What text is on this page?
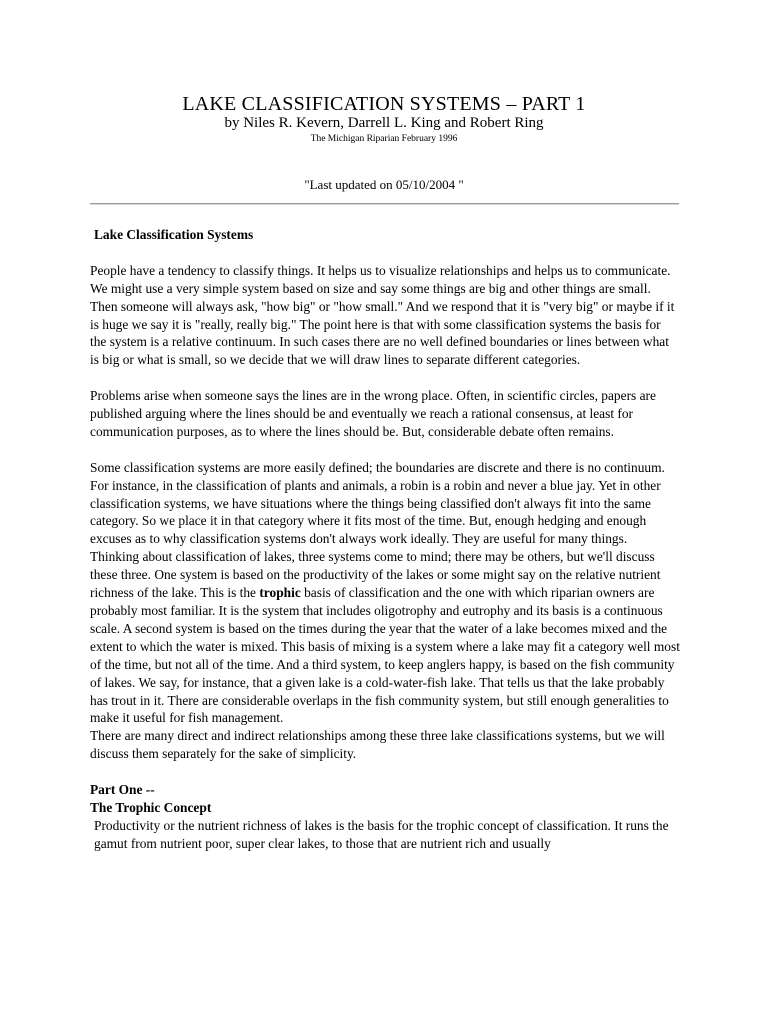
LAKE CLASSIFICATION SYSTEMS – PART 1
by Niles R. Kevern, Darrell L. King and Robert Ring
The Michigan Riparian February 1996
"Last updated on 05/10/2004 "

Lake Classification Systems

People have a tendency to classify things. It helps us to visualize relationships and helps us to communicate. We might use a very simple system based on size and say some things are big and other things are small. Then someone will always ask, "how big" or "how small." And we respond that it is "very big" or maybe if it is huge we say it is "really, really big." The point here is that with some classification systems the basis for the system is a relative continuum. In such cases there are no well defined boundaries or lines between what is big or what is small, so we decide that we will draw lines to separate different categories.

Problems arise when someone says the lines are in the wrong place. Often, in scientific circles, papers are published arguing where the lines should be and eventually we reach a rational consensus, at least for communication purposes, as to where the lines should be. But, considerable debate often remains.

Some classification systems are more easily defined; the boundaries are discrete and there is no continuum. For instance, in the classification of plants and animals, a robin is a robin and never a blue jay. Yet in other classification systems, we have situations where the things being classified don't always fit into the same category. So we place it in that category where it fits most of the time. But, enough hedging and enough excuses as to why classification systems don't always work ideally. They are useful for many things.

Thinking about classification of lakes, three systems come to mind; there may be others, but we'll discuss these three. One system is based on the productivity of the lakes or some might say on the relative nutrient richness of the lake. This is the trophic basis of classification and the one with which riparian owners are probably most familiar. It is the system that includes oligotrophy and eutrophy and its basis is a continuous scale. A second system is based on the times during the year that the water of a lake becomes mixed and the extent to which the water is mixed. This basis of mixing is a system where a lake may fit a category well most of the time, but not all of the time. And a third system, to keep anglers happy, is based on the fish community of lakes. We say, for instance, that a given lake is a cold-water-fish lake. That tells us that the lake probably has trout in it. There are considerable overlaps in the fish community system, but still enough generalities to make it useful for fish management.

There are many direct and indirect relationships among these three lake classifications systems, but we will discuss them separately for the sake of simplicity.

Part One --

The Trophic Concept

Productivity or the nutrient richness of lakes is the basis for the trophic concept of classification. It runs the gamut from nutrient poor, super clear lakes, to those that are nutrient rich and usually
